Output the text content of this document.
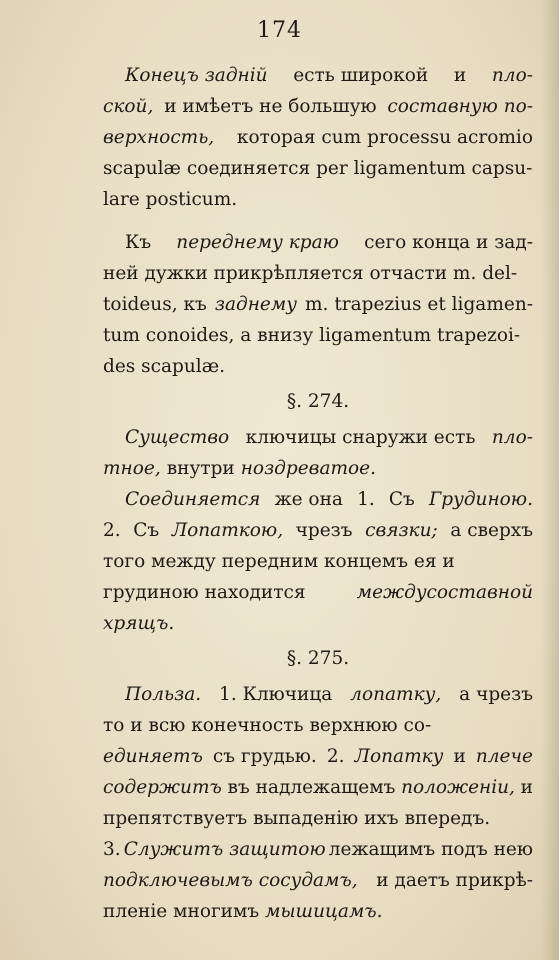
174
Конецъ задній есть широкой и пло-
ской, и имѣетъ не большую составную по-
верхность, которая cum processu acromio
scapulæ соединяется per ligamentum capsu-
lare posticum.
Къ переднему краю сего конца и зад-
ней дужки прикрѣпляется отчасти m. del-
toideus, къ заднему m. trapezius et ligamen-
tum conoides, а внизу ligamentum trapezoi-
des scapulæ.
§. 274.
Существо ключицы снаружи есть пло-
тное, внутри ноздреватое.
Соединяется же она 1. Съ Грудиною.
2. Съ Лопаткою, чрезъ связки; а сверхъ
того между передним концемъ ея и
грудиною находится	междусоставной
хрящъ.
§. 275.
Польза. 1. Ключица лопатку, а чрезъ
то и всю конечность верхнюю со-
единяетъ съ грудью. 2. Лопатку и плече
содержитъ въ надлежащемъ положеніи, и
препятствуетъ выпаденію ихъ впередъ.
3. Служитъ защитою лежащимъ подъ нею
подключевымъ сосудамъ, и даетъ прикрѣ-
пленіе многимъ мышицамъ.
